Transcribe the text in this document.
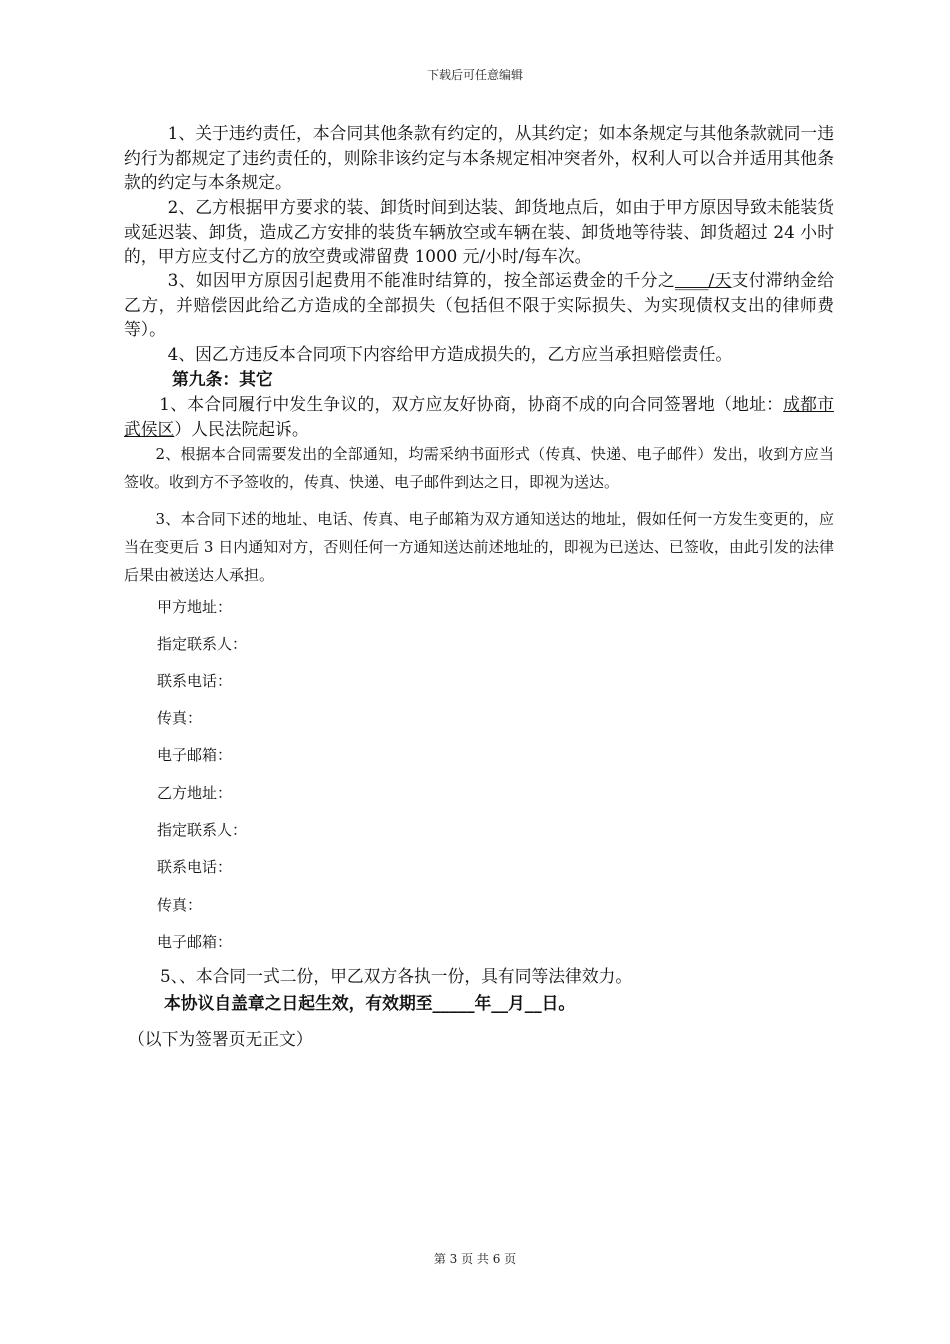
下载后可任意编辑
1、关于违约责任，本合同其他条款有约定的，从其约定；如本条规定与其他条款就同一违约行为都规定了违约责任的，则除非该约定与本条规定相冲突者外，权利人可以合并适用其他条款的约定与本条规定。
2、乙方根据甲方要求的装、卸货时间到达装、卸货地点后，如由于甲方原因导致未能装货或延迟装、卸货，造成乙方安排的装货车辆放空或车辆在装、卸货地等待装、卸货超过 24 小时的，甲方应支付乙方的放空费或滞留费 1000 元/小时/每车次。
3、如因甲方原因引起费用不能准时结算的，按全部运费金的千分之____/天支付滞纳金给乙方，并赔偿因此给乙方造成的全部损失（包括但不限于实际损失、为实现债权支出的律师费等）。
4、因乙方违反本合同项下内容给甲方造成损失的，乙方应当承担赔偿责任。
第九条：其它
1、本合同履行中发生争议的，双方应友好协商，协商不成的向合同签署地（地址：成都市武侯区）人民法院起诉。
2、根据本合同需要发出的全部通知，均需采纳书面形式（传真、快递、电子邮件）发出，收到方应当签收。收到方不予签收的，传真、快递、电子邮件到达之日，即视为送达。
3、本合同下述的地址、电话、传真、电子邮箱为双方通知送达的地址，假如任何一方发生变更的，应当在变更后 3 日内通知对方，否则任何一方通知送达前述地址的，即视为已送达、已签收，由此引发的法律后果由被送达人承担。
甲方地址：
指定联系人：
联系电话：
传真：
电子邮箱：
乙方地址：
指定联系人：
联系电话：
传真：
电子邮箱：
5、、本合同一式二份，甲乙双方各执一份，具有同等法律效力。
本协议自盖章之日起生效，有效期至_____年__月__日。
（以下为签署页无正文）
第 3 页 共 6 页
